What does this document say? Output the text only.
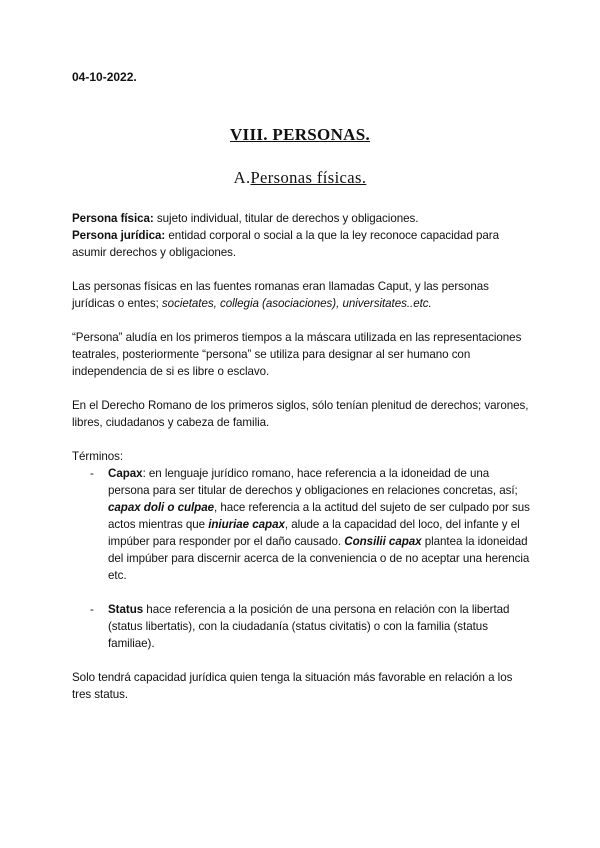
04-10-2022.
VIII. PERSONAS.
A.Personas físicas.

Persona física: sujeto individual, titular de derechos y obligaciones.

Persona jurídica: entidad corporal o social a la que la ley reconoce capacidad para asumir derechos y obligaciones.

Las personas físicas en las fuentes romanas eran llamadas Caput, y las personas jurídicas o entes; societates, collegia (asociaciones), universitates..etc.

“Persona” aludía en los primeros tiempos a la máscara utilizada en las representaciones teatrales, posteriormente “persona” se utiliza para designar al ser humano con independencia de si es libre o esclavo.

En el Derecho Romano de los primeros siglos, sólo tenían plenitud de derechos; varones, libres, ciudadanos y cabeza de familia.

Términos:

- Capax: en lenguaje jurídico romano, hace referencia a la idoneidad de una persona para ser titular de derechos y obligaciones en relaciones concretas, así; capax doli o culpae, hace referencia a la actitud del sujeto de ser culpado por sus actos mientras que iniuriae capax, alude a la capacidad del loco, del infante y el impúber para responder por el daño causado. Consilii capax plantea la idoneidad del impúber para discernir acerca de la conveniencia o de no aceptar una herencia etc.
- Status hace referencia a la posición de una persona en relación con la libertad (status libertatis), con la ciudadanía (status civitatis) o con la familia (status familiae).

Solo tendrá capacidad jurídica quien tenga la situación más favorable en relación a los tres status.
